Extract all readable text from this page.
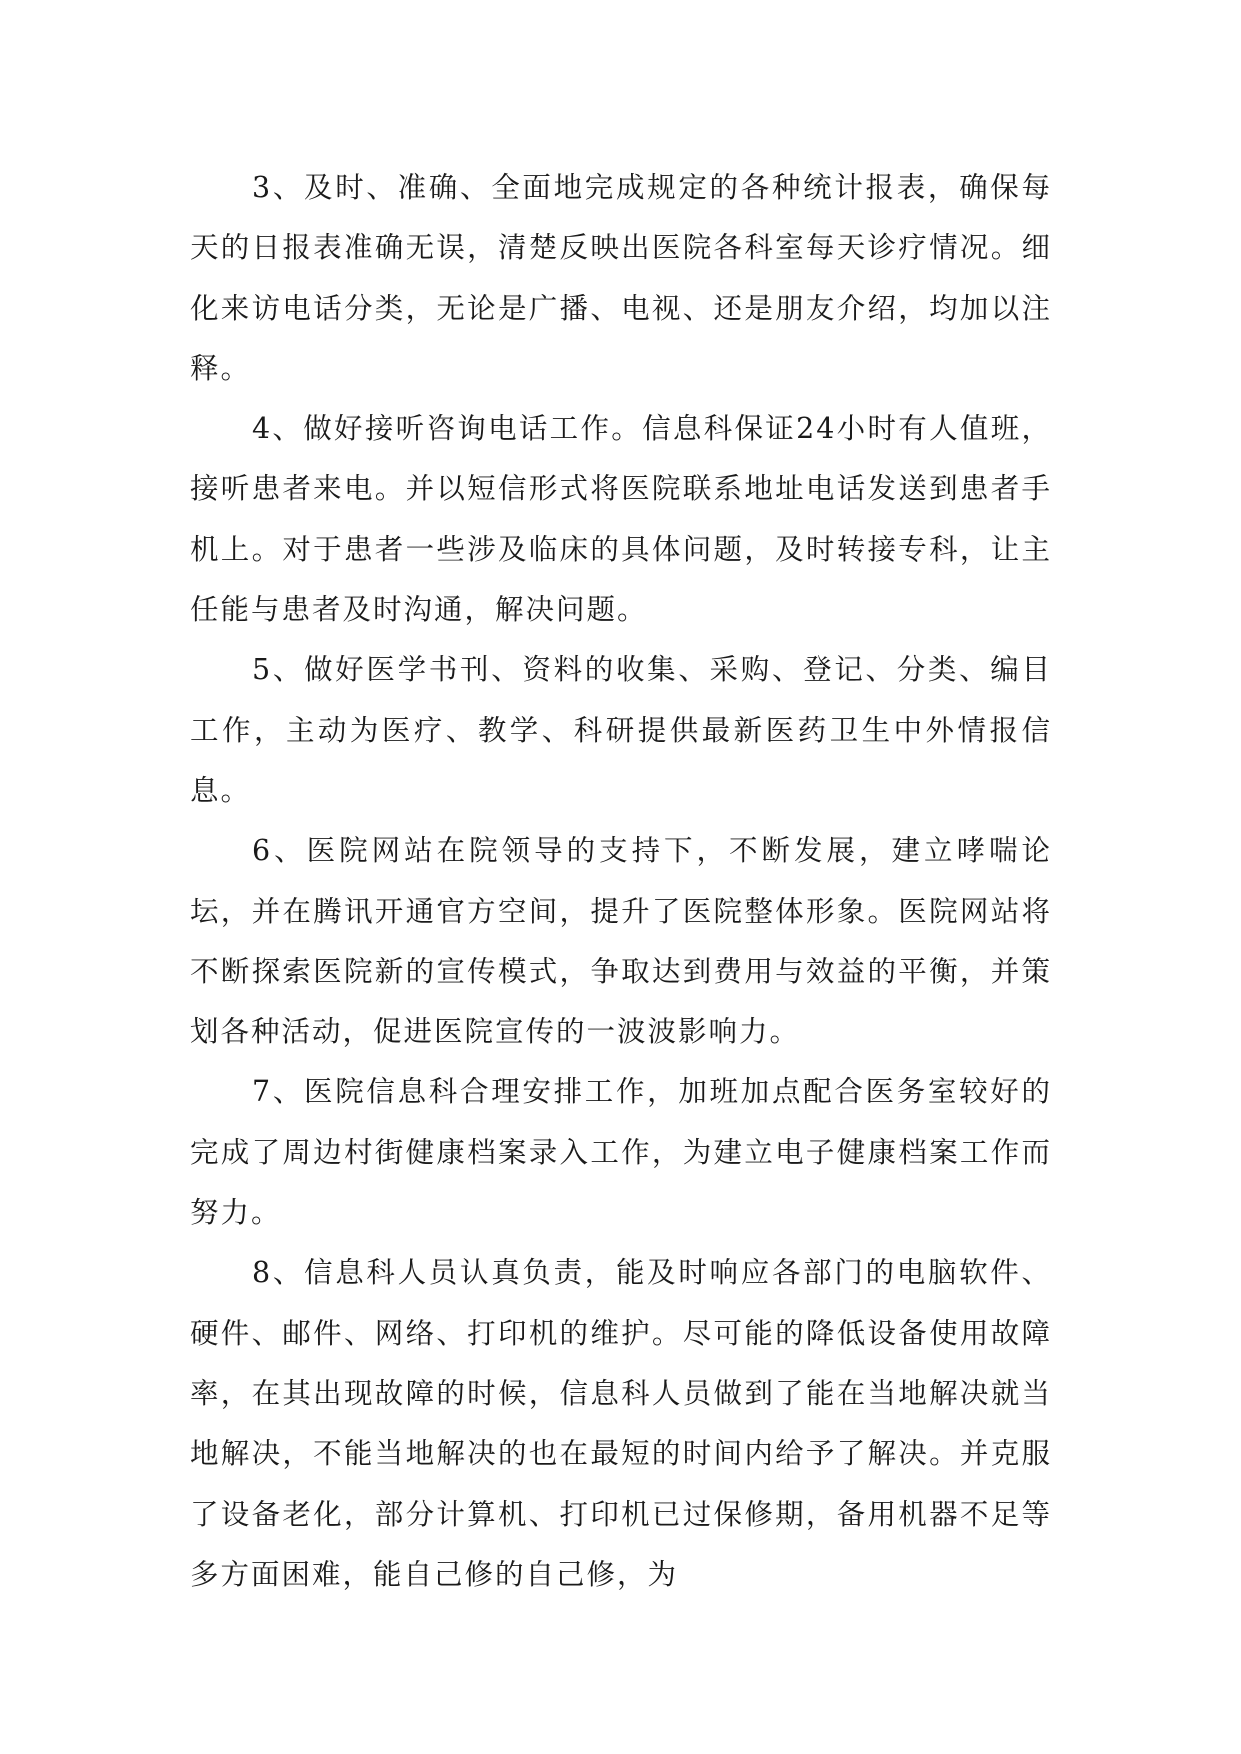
3、及时、准确、全面地完成规定的各种统计报表，确保每天的日报表准确无误，清楚反映出医院各科室每天诊疗情况。细化来访电话分类，无论是广播、电视、还是朋友介绍，均加以注释。

4、做好接听咨询电话工作。信息科保证24小时有人值班，接听患者来电。并以短信形式将医院联系地址电话发送到患者手机上。对于患者一些涉及临床的具体问题，及时转接专科，让主任能与患者及时沟通，解决问题。

5、做好医学书刊、资料的收集、采购、登记、分类、编目工作，主动为医疗、教学、科研提供最新医药卫生中外情报信息。

6、医院网站在院领导的支持下，不断发展，建立哮喘论坛，并在腾讯开通官方空间，提升了医院整体形象。医院网站将不断探索医院新的宣传模式，争取达到费用与效益的平衡，并策划各种活动，促进医院宣传的一波波影响力。

7、医院信息科合理安排工作，加班加点配合医务室较好的完成了周边村街健康档案录入工作，为建立电子健康档案工作而努力。

8、信息科人员认真负责，能及时响应各部门的电脑软件、硬件、邮件、网络、打印机的维护。尽可能的降低设备使用故障率，在其出现故障的时候，信息科人员做到了能在当地解决就当地解决，不能当地解决的也在最短的时间内给予了解决。并克服了设备老化，部分计算机、打印机已过保修期，备用机器不足等多方面困难，能自己修的自己修，为
